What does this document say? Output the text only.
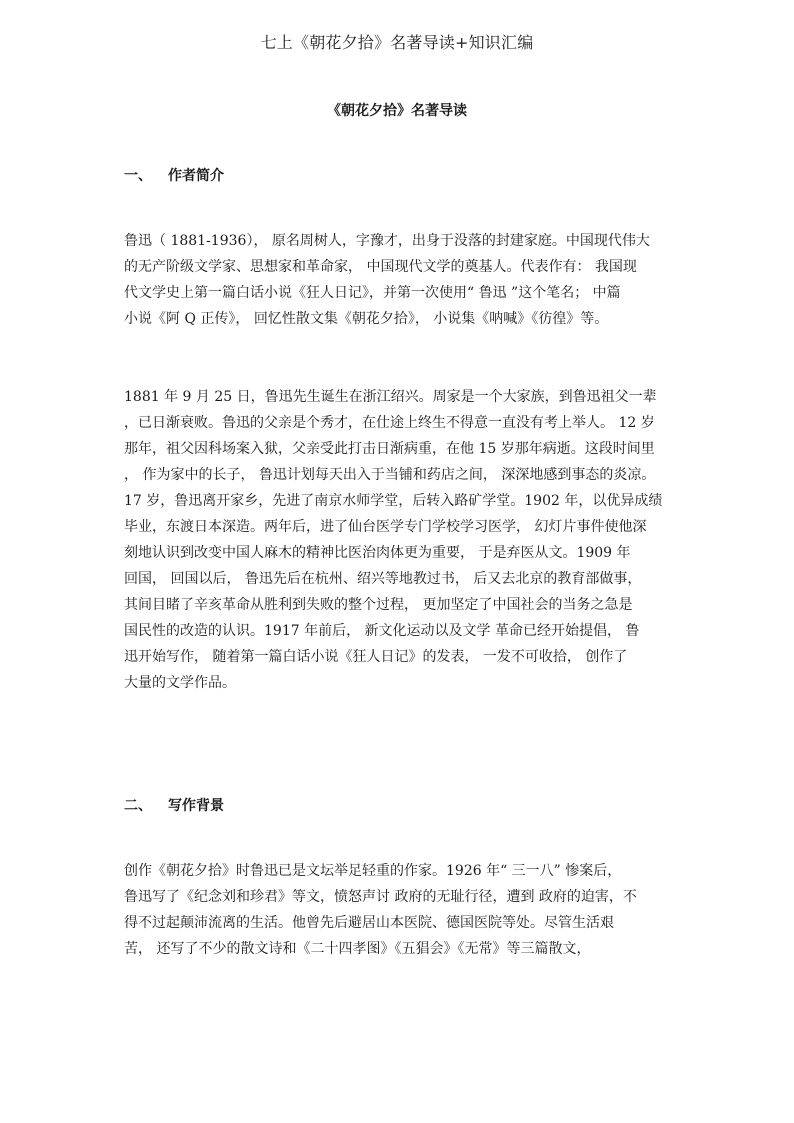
七上《朝花夕拾》名著导读+知识汇编
《朝花夕拾》名著导读
一、 作者简介
鲁迅（ 1881-1936）， 原名周树人，字豫才，出身于没落的封建家庭。中国现代伟大
的无产阶级文学家、思想家和革命家， 中国现代文学的奠基人。代表作有： 我国现
代文学史上第一篇白话小说《狂人日记》，并第一次使用“ 鲁迅 ”这个笔名； 中篇
小说《阿 Q 正传》， 回忆性散文集《朝花夕拾》， 小说集《呐喊》《彷徨》等。
1881 年 9 月 25 日，鲁迅先生诞生在浙江绍兴。周家是一个大家族，到鲁迅祖父一辈
，已日渐衰败。鲁迅的父亲是个秀才，在仕途上终生不得意一直没有考上举人。 12 岁
那年，祖父因科场案入狱，父亲受此打击日渐病重，在他 15 岁那年病逝。这段时间里
， 作为家中的长子， 鲁迅计划每天出入于当铺和药店之间， 深深地感到事态的炎凉。
17 岁，鲁迅离开家乡，先进了南京水师学堂，后转入路矿学堂。1902 年，以优异成绩
毕业，东渡日本深造。两年后，进了仙台医学专门学校学习医学， 幻灯片事件使他深
刻地认识到改变中国人麻木的精神比医治肉体更为重要， 于是弃医从文。1909 年
回国， 回国以后， 鲁迅先后在杭州、绍兴等地教过书， 后又去北京的教育部做事，
其间目睹了辛亥革命从胜利到失败的整个过程， 更加坚定了中国社会的当务之急是
国民性的改造的认识。1917 年前后， 新文化运动以及文学 革命已经开始提倡， 鲁
迅开始写作， 随着第一篇白话小说《狂人日记》的发表， 一发不可收拾， 创作了
大量的文学作品。
二、 写作背景
创作《朝花夕拾》时鲁迅已是文坛举足轻重的作家。1926 年“ 三一八” 惨案后，
鲁迅写了《纪念刘和珍君》等文，愤怒声讨 政府的无耻行径，遭到 政府的迫害，不
得不过起颠沛流离的生活。他曾先后避居山本医院、德国医院等处。尽管生活艰
苦， 还写了不少的散文诗和《二十四孝图》《五猖会》《无常》等三篇散文，
